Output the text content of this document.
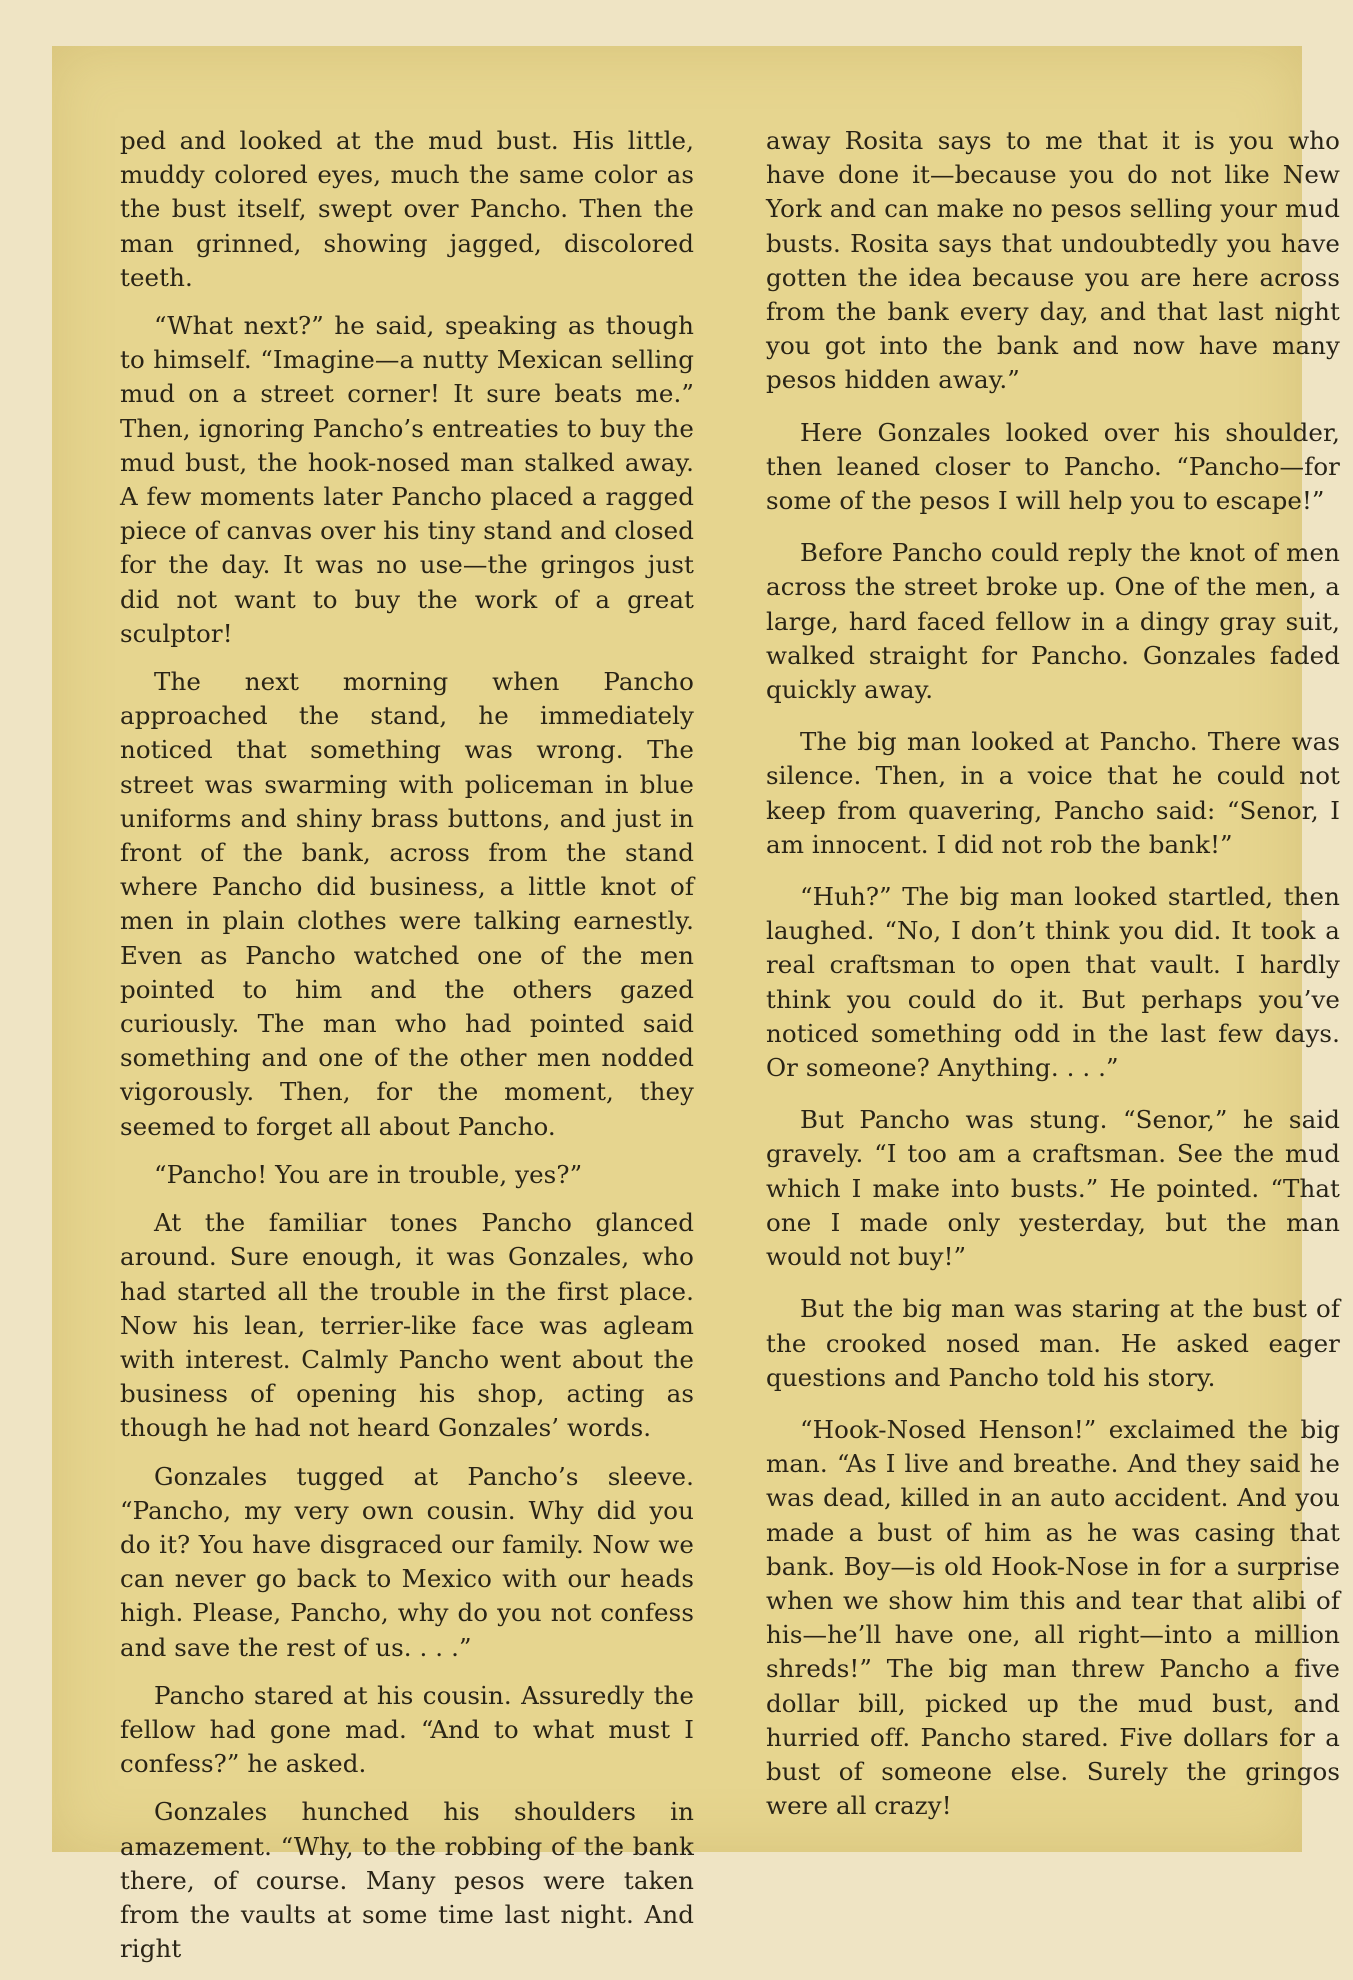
ped and looked at the mud bust. His little, muddy colored eyes, much the same color as the bust itself, swept over Pancho. Then the man grinned, showing jagged, discolored teeth.

“What next?” he said, speaking as though to himself. “Imagine—a nutty Mexican selling mud on a street corner! It sure beats me.” Then, ignoring Pancho’s entreaties to buy the mud bust, the hook-nosed man stalked away. A few moments later Pancho placed a ragged piece of canvas over his tiny stand and closed for the day. It was no use—the gringos just did not want to buy the work of a great sculptor!

The next morning when Pancho approached the stand, he immediately noticed that something was wrong. The street was swarming with policeman in blue uniforms and shiny brass buttons, and just in front of the bank, across from the stand where Pancho did business, a little knot of men in plain clothes were talking earnestly. Even as Pancho watched one of the men pointed to him and the others gazed curiously. The man who had pointed said something and one of the other men nodded vigorously. Then, for the moment, they seemed to forget all about Pancho.

“Pancho! You are in trouble, yes?”

At the familiar tones Pancho glanced around. Sure enough, it was Gonzales, who had started all the trouble in the first place. Now his lean, terrier-like face was agleam with interest. Calmly Pancho went about the business of opening his shop, acting as though he had not heard Gonzales’ words.

Gonzales tugged at Pancho’s sleeve. “Pancho, my very own cousin. Why did you do it? You have disgraced our family. Now we can never go back to Mexico with our heads high. Please, Pancho, why do you not confess and save the rest of us. . . .”

Pancho stared at his cousin. Assuredly the fellow had gone mad. “And to what must I confess?” he asked.

Gonzales hunched his shoulders in amazement. “Why, to the robbing of the bank there, of course. Many pesos were taken from the vaults at some time last night. And right

away Rosita says to me that it is you who have done it—because you do not like New York and can make no pesos selling your mud busts. Rosita says that undoubtedly you have gotten the idea because you are here across from the bank every day, and that last night you got into the bank and now have many pesos hidden away.”

Here Gonzales looked over his shoulder, then leaned closer to Pancho. “Pancho—for some of the pesos I will help you to escape!”

Before Pancho could reply the knot of men across the street broke up. One of the men, a large, hard faced fellow in a dingy gray suit, walked straight for Pancho. Gonzales faded quickly away.

The big man looked at Pancho. There was silence. Then, in a voice that he could not keep from quavering, Pancho said: “Senor, I am innocent. I did not rob the bank!”

“Huh?” The big man looked startled, then laughed. “No, I don’t think you did. It took a real craftsman to open that vault. I hardly think you could do it. But perhaps you’ve noticed something odd in the last few days. Or someone? Anything. . . .”

But Pancho was stung. “Senor,” he said gravely. “I too am a craftsman. See the mud which I make into busts.” He pointed. “That one I made only yesterday, but the man would not buy!”

But the big man was staring at the bust of the crooked nosed man. He asked eager questions and Pancho told his story.

“Hook-Nosed Henson!” exclaimed the big man. “As I live and breathe. And they said he was dead, killed in an auto accident. And you made a bust of him as he was casing that bank. Boy—is old Hook-Nose in for a surprise when we show him this and tear that alibi of his—he’ll have one, all right—into a million shreds!” The big man threw Pancho a five dollar bill, picked up the mud bust, and hurried off. Pancho stared. Five dollars for a bust of someone else. Surely the gringos were all crazy!
